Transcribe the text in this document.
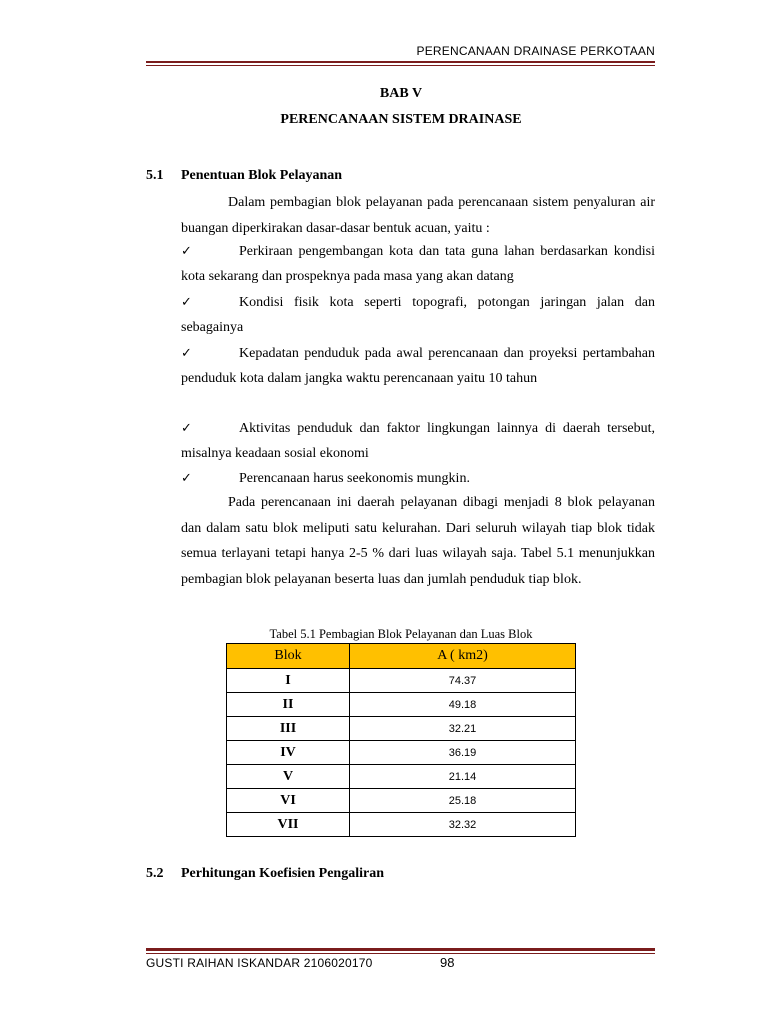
PERENCANAAN DRAINASE PERKOTAAN
BAB V
PERENCANAAN SISTEM DRAINASE
5.1 Penentuan Blok Pelayanan
Dalam pembagian blok pelayanan pada perencanaan sistem penyaluran air buangan diperkirakan dasar-dasar bentuk acuan, yaitu :
✓	Perkiraan pengembangan kota dan tata guna lahan berdasarkan kondisi kota sekarang dan prospeknya pada masa yang akan datang
✓	Kondisi fisik kota seperti topografi, potongan jaringan jalan dan sebagainya
✓	Kepadatan penduduk pada awal perencanaan dan proyeksi pertambahan penduduk kota dalam jangka waktu perencanaan yaitu 10 tahun
✓	Aktivitas penduduk dan faktor lingkungan lainnya di daerah tersebut, misalnya keadaan sosial ekonomi
✓	Perencanaan harus seekonomis mungkin.
Pada perencanaan ini daerah pelayanan dibagi menjadi 8 blok pelayanan dan dalam satu blok meliputi satu kelurahan. Dari seluruh wilayah tiap blok tidak semua terlayani tetapi hanya 2-5 % dari luas wilayah saja. Tabel 5.1 menunjukkan pembagian blok pelayanan beserta luas dan jumlah penduduk tiap blok.
Tabel 5.1 Pembagian Blok Pelayanan dan Luas Blok
Blok	A ( km2)
I	74.37
II	49.18
III	32.21
IV	36.19
V	21.14
VI	25.18
VII	32.32
5.2 Perhitungan Koefisien Pengaliran
GUSTI RAIHAN ISKANDAR 2106020170	98
